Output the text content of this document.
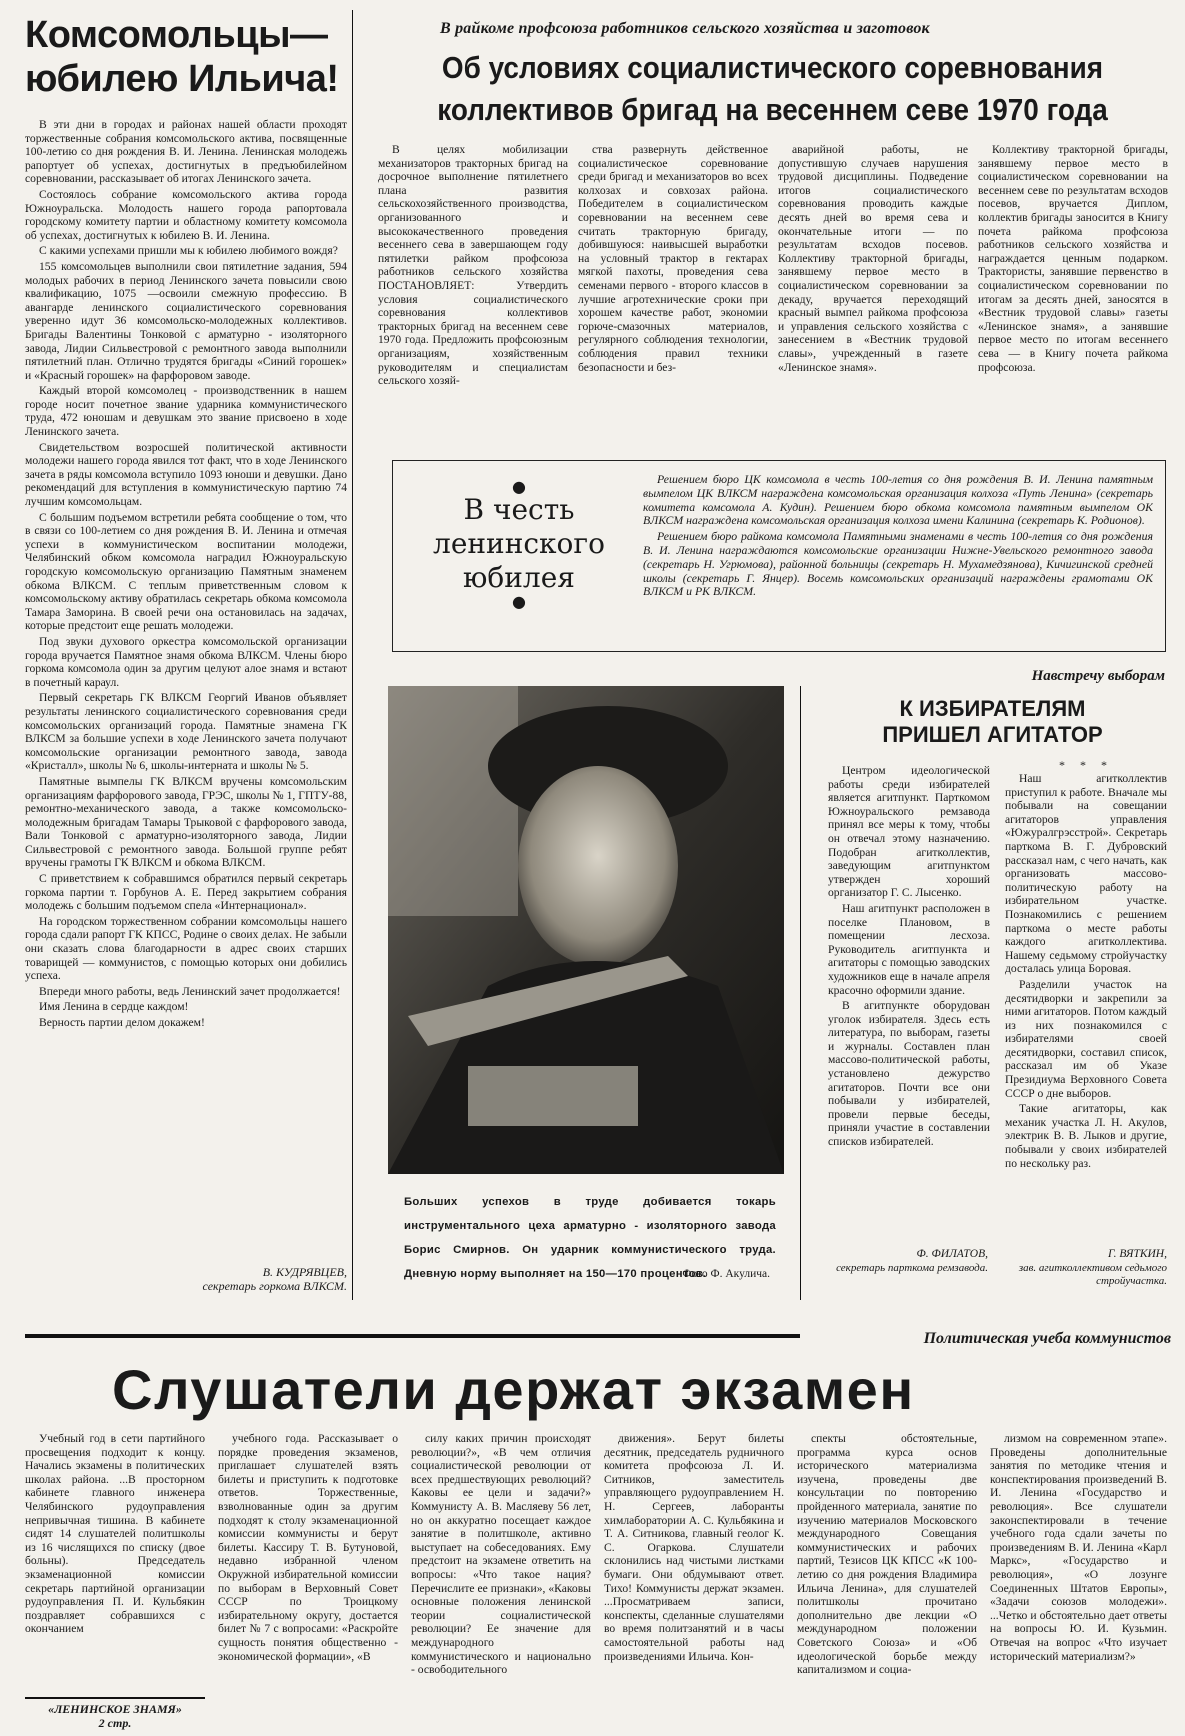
Комсомольцы—
юбилею Ильича!

В эти дни в городах и районах нашей области проходят торжественные собрания комсомольского актива, посвященные 100-летию со дня рождения В. И. Ленина. Ленинская молодежь рапортует об успехах, достигнутых в предъюбилейном соревновании, рассказывает об итогах Ленинского зачета.

Состоялось собрание комсомольского актива города Южноуральска. Молодость нашего города рапортовала городскому комитету партии и областному комитету комсомола об успехах, достигнутых к юбилею В. И. Ленина.

С какими успехами пришли мы к юбилею любимого вождя?

155 комсомольцев выполнили свои пятилетние задания, 594 молодых рабочих в период Ленинского зачета повысили свою квалификацию, 1075 —освоили смежную профессию. В авангарде ленинского социалистического соревнования уверенно идут 36 комсомольско-молодежных коллективов. Бригады Валентины Тонковой с арматурно - изоляторного завода, Лидии Сильвестровой с ремонтного завода выполнили пятилетний план. Отлично трудятся бригады «Синий горошек» и «Красный горошек» на фарфоровом заводе.

Каждый второй комсомолец - производственник в нашем городе носит почетное звание ударника коммунистического труда, 472 юношам и девушкам это звание присвоено в ходе Ленинского зачета.

Свидетельством возросшей политической активности молодежи нашего города явился тот факт, что в ходе Ленинского зачета в ряды комсомола вступило 1093 юноши и девушки. Дано рекомендаций для вступления в коммунистическую партию 74 лучшим комсомольцам.

С большим подъемом встретили ребята сообщение о том, что в связи со 100-летием со дня рождения В. И. Ленина и отмечая успехи в коммунистическом воспитании молодежи, Челябинский обком комсомола наградил Южноуральскую городскую комсомольскую организацию Памятным знаменем обкома ВЛКСМ. С теплым приветственным словом к комсомольскому активу обратилась секретарь обкома комсомола Тамара Заморина. В своей речи она остановилась на задачах, которые предстоит еще решать молодежи.

Под звуки духового оркестра комсомольской организации города вручается Памятное знамя обкома ВЛКСМ. Члены бюро горкома комсомола один за другим целуют алое знамя и встают в почетный караул.

Первый секретарь ГК ВЛКСМ Георгий Иванов объявляет результаты ленинского социалистического соревнования среди комсомольских организаций города. Памятные знамена ГК ВЛКСМ за большие успехи в ходе Ленинского зачета получают комсомольские организации ремонтного завода, завода «Кристалл», школы № 6, школы-интерната и школы № 5.

Памятные вымпелы ГК ВЛКСМ вручены комсомольским организациям фарфорового завода, ГРЭС, школы № 1, ГПТУ-88, ремонтно-механического завода, а также комсомольско-молодежным бригадам Тамары Трыковой с фарфорового завода, Вали Тонковой с арматурно-изоляторного завода, Лидии Сильвестровой с ремонтного завода. Большой группе ребят вручены грамоты ГК ВЛКСМ и обкома ВЛКСМ.

С приветствием к собравшимся обратился первый секретарь горкома партии т. Горбунов А. Е. Перед закрытием собрания молодежь с большим подъемом спела «Интернационал».

На городском торжественном собрании комсомольцы нашего города сдали рапорт ГК КПСС, Родине о своих делах. Не забыли они сказать слова благодарности в адрес своих старших товарищей — коммунистов, с помощью которых они добились успеха.

Впереди много работы, ведь Ленинский зачет продолжается!

Имя Ленина в сердце каждом!

Верность партии делом докажем!

В. КУДРЯВЦЕВ,
секретарь горкома ВЛКСМ.
В райкоме профсоюза работников сельского хозяйства и заготовок
Об условиях социалистического соревнования
коллективов бригад на весеннем севе 1970 года

В целях мобилизации механизаторов тракторных бригад на досрочное выполнение пятилетнего плана развития сельскохозяйственного производства, организованного и высококачественного проведения весеннего сева в завершающем году пятилетки райком профсоюза работников сельского хозяйства ПОСТАНОВЛЯЕТ: Утвердить условия социалистического соревнования коллективов тракторных бригад на весеннем севе 1970 года. Предложить профсоюзным организациям, хозяйственным руководителям и специалистам сельского хозяй-

ства развернуть действенное социалистическое соревнование среди бригад и механизаторов во всех колхозах и совхозах района. Победителем в социалистическом соревновании на весеннем севе считать тракторную бригаду, добившуюся: наивысшей выработки на условный трактор в гектарах мягкой пахоты, проведения сева семенами первого - второго классов в лучшие агротехнические сроки при хорошем качестве работ, экономии горюче-смазочных материалов, регулярного соблюдения технологии, соблюдения правил техники безопасности и без-

аварийной работы, не допустившую случаев нарушения трудовой дисциплины. Подведение итогов социалистического соревнования проводить каждые десять дней во время сева и окончательные итоги — по результатам всходов посевов. Коллективу тракторной бригады, занявшему первое место в социалистическом соревновании за декаду, вручается переходящий красный вымпел райкома профсоюза и управления сельского хозяйства с занесением в «Вестник трудовой славы», учрежденный в газете «Ленинское знамя».

Коллективу тракторной бригады, занявшему первое место в социалистическом соревновании на весеннем севе по результатам всходов посевов, вручается Диплом, коллектив бригады заносится в Книгу почета райкома профсоюза работников сельского хозяйства и награждается ценным подарком. Трактористы, занявшие первенство в социалистическом соревновании по итогам за десять дней, заносятся в «Вестник трудовой славы» газеты «Ленинское знамя», а занявшие первое место по итогам весеннего сева — в Книгу почета райкома профсоюза.

●
В честь
ленинского
юбилея
●

Решением бюро ЦК комсомола в честь 100-летия со дня рождения В. И. Ленина памятным вымпелом ЦК ВЛКСМ награждена комсомольская организация колхоза «Путь Ленина» (секретарь комитета комсомола А. Кудин). Решением бюро обкома комсомола памятным вымпелом ОК ВЛКСМ награждена комсомольская организация колхоза имени Калинина (секретарь К. Родионов).

Решением бюро райкома комсомола Памятными знаменами в честь 100-летия со дня рождения В. И. Ленина награждаются комсомольские организации Нижне-Увельского ремонтного завода (секретарь Н. Угрюмова), районной больницы (секретарь Н. Мухамедзянова), Кичигинской средней школы (секретарь Г. Янцер). Восемь комсомольских организаций награждены грамотами ОК ВЛКСМ и РК ВЛКСМ.

Больших успехов в труде добивается токарь инструментального цеха арматурно - изоляторного завода Борис Смирнов. Он ударник коммунистического труда. Дневную норму выполняет на 150—170 процентов.
Фото Ф. Акулича.
Навстречу выборам
К ИЗБИРАТЕЛЯМ
ПРИШЕЛ АГИТАТОР

Центром идеологической работы среди избирателей является агитпункт. Парткомом Южноуральского ремзавода принял все меры к тому, чтобы он отвечал этому назначению. Подобран агитколлектив, заведующим агитпунктом утвержден хороший организатор Г. С. Лысенко.

Наш агитпункт расположен в поселке Плановом, в помещении лесхоза. Руководитель агитпункта и агитаторы с помощью заводских художников еще в начале апреля красочно оформили здание.

В агитпункте оборудован уголок избирателя. Здесь есть литература, по выборам, газеты и журналы. Составлен план массово-политической работы, установлено дежурство агитаторов. Почти все они побывали у избирателей, провели первые беседы, приняли участие в составлении списков избирателей.

Ф. ФИЛАТОВ,
секретарь парткома ремзавода.
* * *

Наш агитколлектив приступил к работе. Вначале мы побывали на совещании агитаторов управления «Южуралгрэсстрой». Секретарь парткома В. Г. Дубровский рассказал нам, с чего начать, как организовать массово-политическую работу на избирательном участке. Познакомились с решением парткома о месте работы каждого агитколлектива. Нашему седьмому стройучастку досталась улица Боровая.

Разделили участок на десятидворки и закрепили за ними агитаторов. Потом каждый из них познакомился с избирателями своей десятидворки, составил список, рассказал им об Указе Президиума Верховного Совета СССР о дне выборов.

Такие агитаторы, как механик участка Л. Н. Акулов, электрик В. В. Лыков и другие, побывали у своих избирателей по нескольку раз.

Г. ВЯТКИН,
зав. агитколлективом седьмого стройучастка.
Политическая учеба коммунистов
Слушатели держат экзамен

Учебный год в сети партийного просвещения подходит к концу. Начались экзамены в политических школах района. ...В просторном кабинете главного инженера Челябинского рудоуправления непривычная тишина. В кабинете сидят 14 слушателей политшколы из 16 числящихся по списку (двое больны). Председатель экзаменационной комиссии секретарь партийной организации рудоуправления П. И. Кульбякин поздравляет собравшихся с окончанием

учебного года. Рассказывает о порядке проведения экзаменов, приглашает слушателей взять билеты и приступить к подготовке ответов. Торжественные, взволнованные один за другим подходят к столу экзаменационной комиссии коммунисты и берут билеты. Кассиру Т. В. Бутуновой, недавно избранной членом Окружной избирательной комиссии по выборам в Верховный Совет СССР по Троицкому избирательному округу, достается билет № 7 с вопросами: «Раскройте сущность понятия общественно - экономической формации», «В

силу каких причин происходят революции?», «В чем отличия социалистической революции от всех предшествующих революций? Каковы ее цели и задачи?» Коммунисту А. В. Масляеву 56 лет, но он аккуратно посещает каждое занятие в политшколе, активно выступает на собеседованиях. Ему предстоит на экзамене ответить на вопросы: «Что такое нация? Перечислите ее признаки», «Каковы основные положения ленинской теории социалистической революции? Ее значение для международного коммунистического и национально - освободительного

движения». Берут билеты десятник, председатель рудничного комитета профсоюза Л. И. Ситников, заместитель управляющего рудоуправлением Н. Н. Сергеев, лаборанты химлаборатории А. С. Кульбякина и Т. А. Ситникова, главный геолог К. С. Огаркова. Слушатели склонились над чистыми листками бумаги. Они обдумывают ответ. Тихо! Коммунисты держат экзамен. ...Просматриваем записи, конспекты, сделанные слушателями во время политзанятий и в часы самостоятельной работы над произведениями Ильича. Кон-

спекты обстоятельные, программа курса основ исторического материализма изучена, проведены две консультации по повторению пройденного материала, занятие по изучению материалов Московского международного Совещания коммунистических и рабочих партий, Тезисов ЦК КПСС «К 100-летию со дня рождения Владимира Ильича Ленина», для слушателей политшколы прочитано дополнительно две лекции «О международном положении Советского Союза» и «Об идеологической борьбе между капитализмом и социа-

лизмом на современном этапе». Проведены дополнительные занятия по методике чтения и конспектирования произведений В. И. Ленина «Государство и революция». Все слушатели законспектировали в течение учебного года сдали зачеты по произведениям В. И. Ленина «Карл Маркс», «Государство и революция», «О лозунге Соединенных Штатов Европы», «Задачи союзов молодежи». ...Четко и обстоятельно дает ответы на вопросы Ю. И. Кузьмин. Отвечая на вопрос «Что изучает исторический материализм?»

«ЛЕНИНСКОЕ ЗНАМЯ»
2 стр.
